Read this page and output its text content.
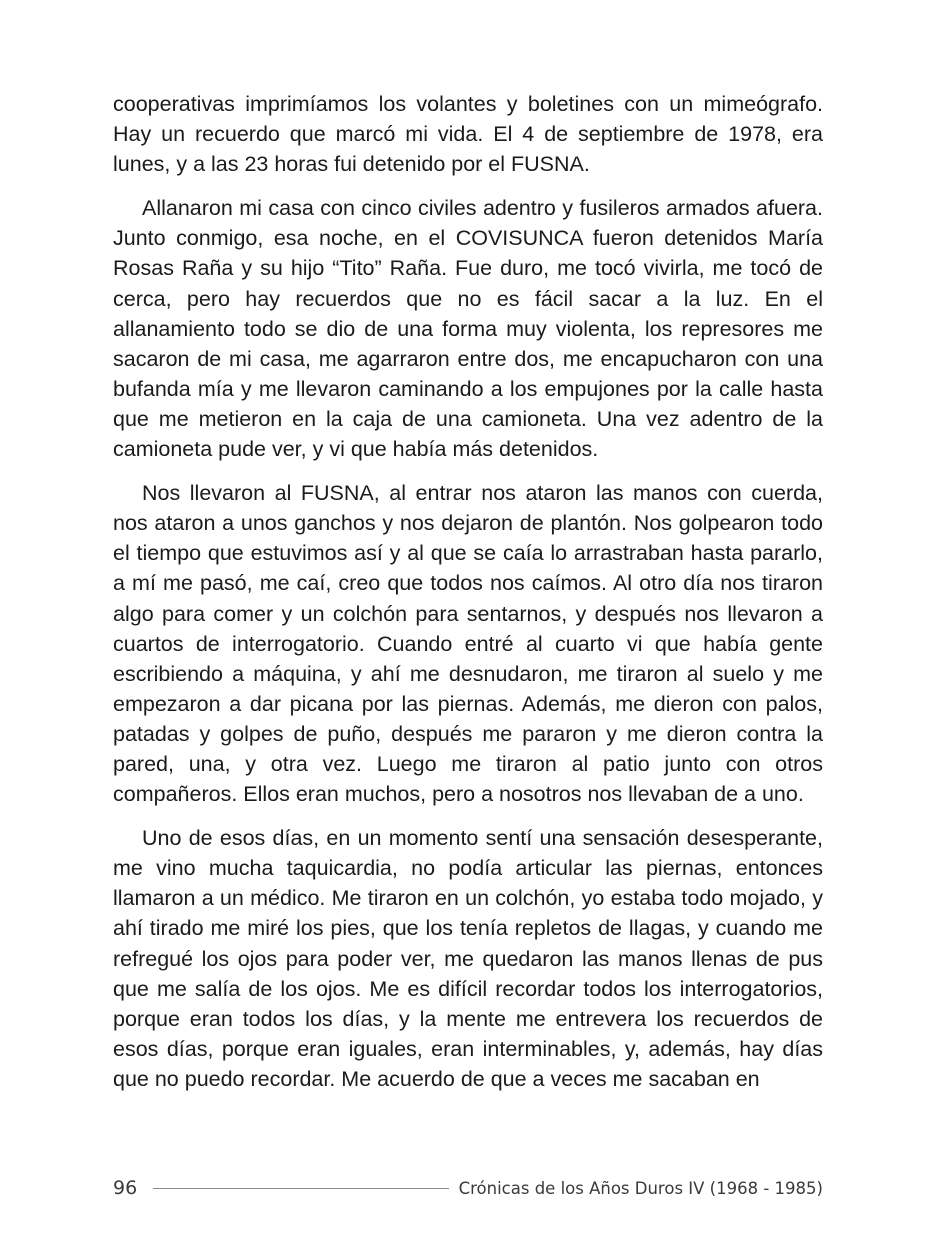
cooperativas imprimíamos los volantes y boletines con un mimeógrafo. Hay un recuerdo que marcó mi vida. El 4 de septiembre de 1978, era lunes, y a las 23 horas fui detenido por el FUSNA.

Allanaron mi casa con cinco civiles adentro y fusileros armados afuera. Junto conmigo, esa noche, en el COVISUNCA fueron detenidos María Rosas Raña y su hijo “Tito” Raña. Fue duro, me tocó vivirla, me tocó de cerca, pero hay recuerdos que no es fácil sacar a la luz. En el allanamiento todo se dio de una forma muy violenta, los represores me sacaron de mi casa, me agarraron entre dos, me encapucharon con una bufanda mía y me llevaron caminando a los empujones por la calle hasta que me metieron en la caja de una camioneta. Una vez adentro de la camioneta pude ver, y vi que había más detenidos.

Nos llevaron al FUSNA, al entrar nos ataron las manos con cuerda, nos ataron a unos ganchos y nos dejaron de plantón. Nos golpearon todo el tiempo que estuvimos así y al que se caía lo arrastraban hasta pararlo, a mí me pasó, me caí, creo que todos nos caímos. Al otro día nos tiraron algo para comer y un colchón para sentarnos, y después nos llevaron a cuartos de interrogatorio. Cuando entré al cuarto vi que había gente escribiendo a máquina, y ahí me desnudaron, me tiraron al suelo y me empezaron a dar picana por las piernas. Además, me dieron con palos, patadas y golpes de puño, después me pararon y me dieron contra la pared, una, y otra vez. Luego me tiraron al patio junto con otros compañeros. Ellos eran muchos, pero a nosotros nos llevaban de a uno.

Uno de esos días, en un momento sentí una sensación desesperante, me vino mucha taquicardia, no podía articular las piernas, entonces llamaron a un médico. Me tiraron en un colchón, yo estaba todo mojado, y ahí tirado me miré los pies, que los tenía repletos de llagas, y cuando me refregué los ojos para poder ver, me quedaron las manos llenas de pus que me salía de los ojos. Me es difícil recordar todos los interrogatorios, porque eran todos los días, y la mente me entrevera los recuerdos de esos días, porque eran iguales, eran interminables, y, además, hay días que no puedo recordar. Me acuerdo de que a veces me sacaban en

96	Crónicas de los Años Duros IV (1968 - 1985)
